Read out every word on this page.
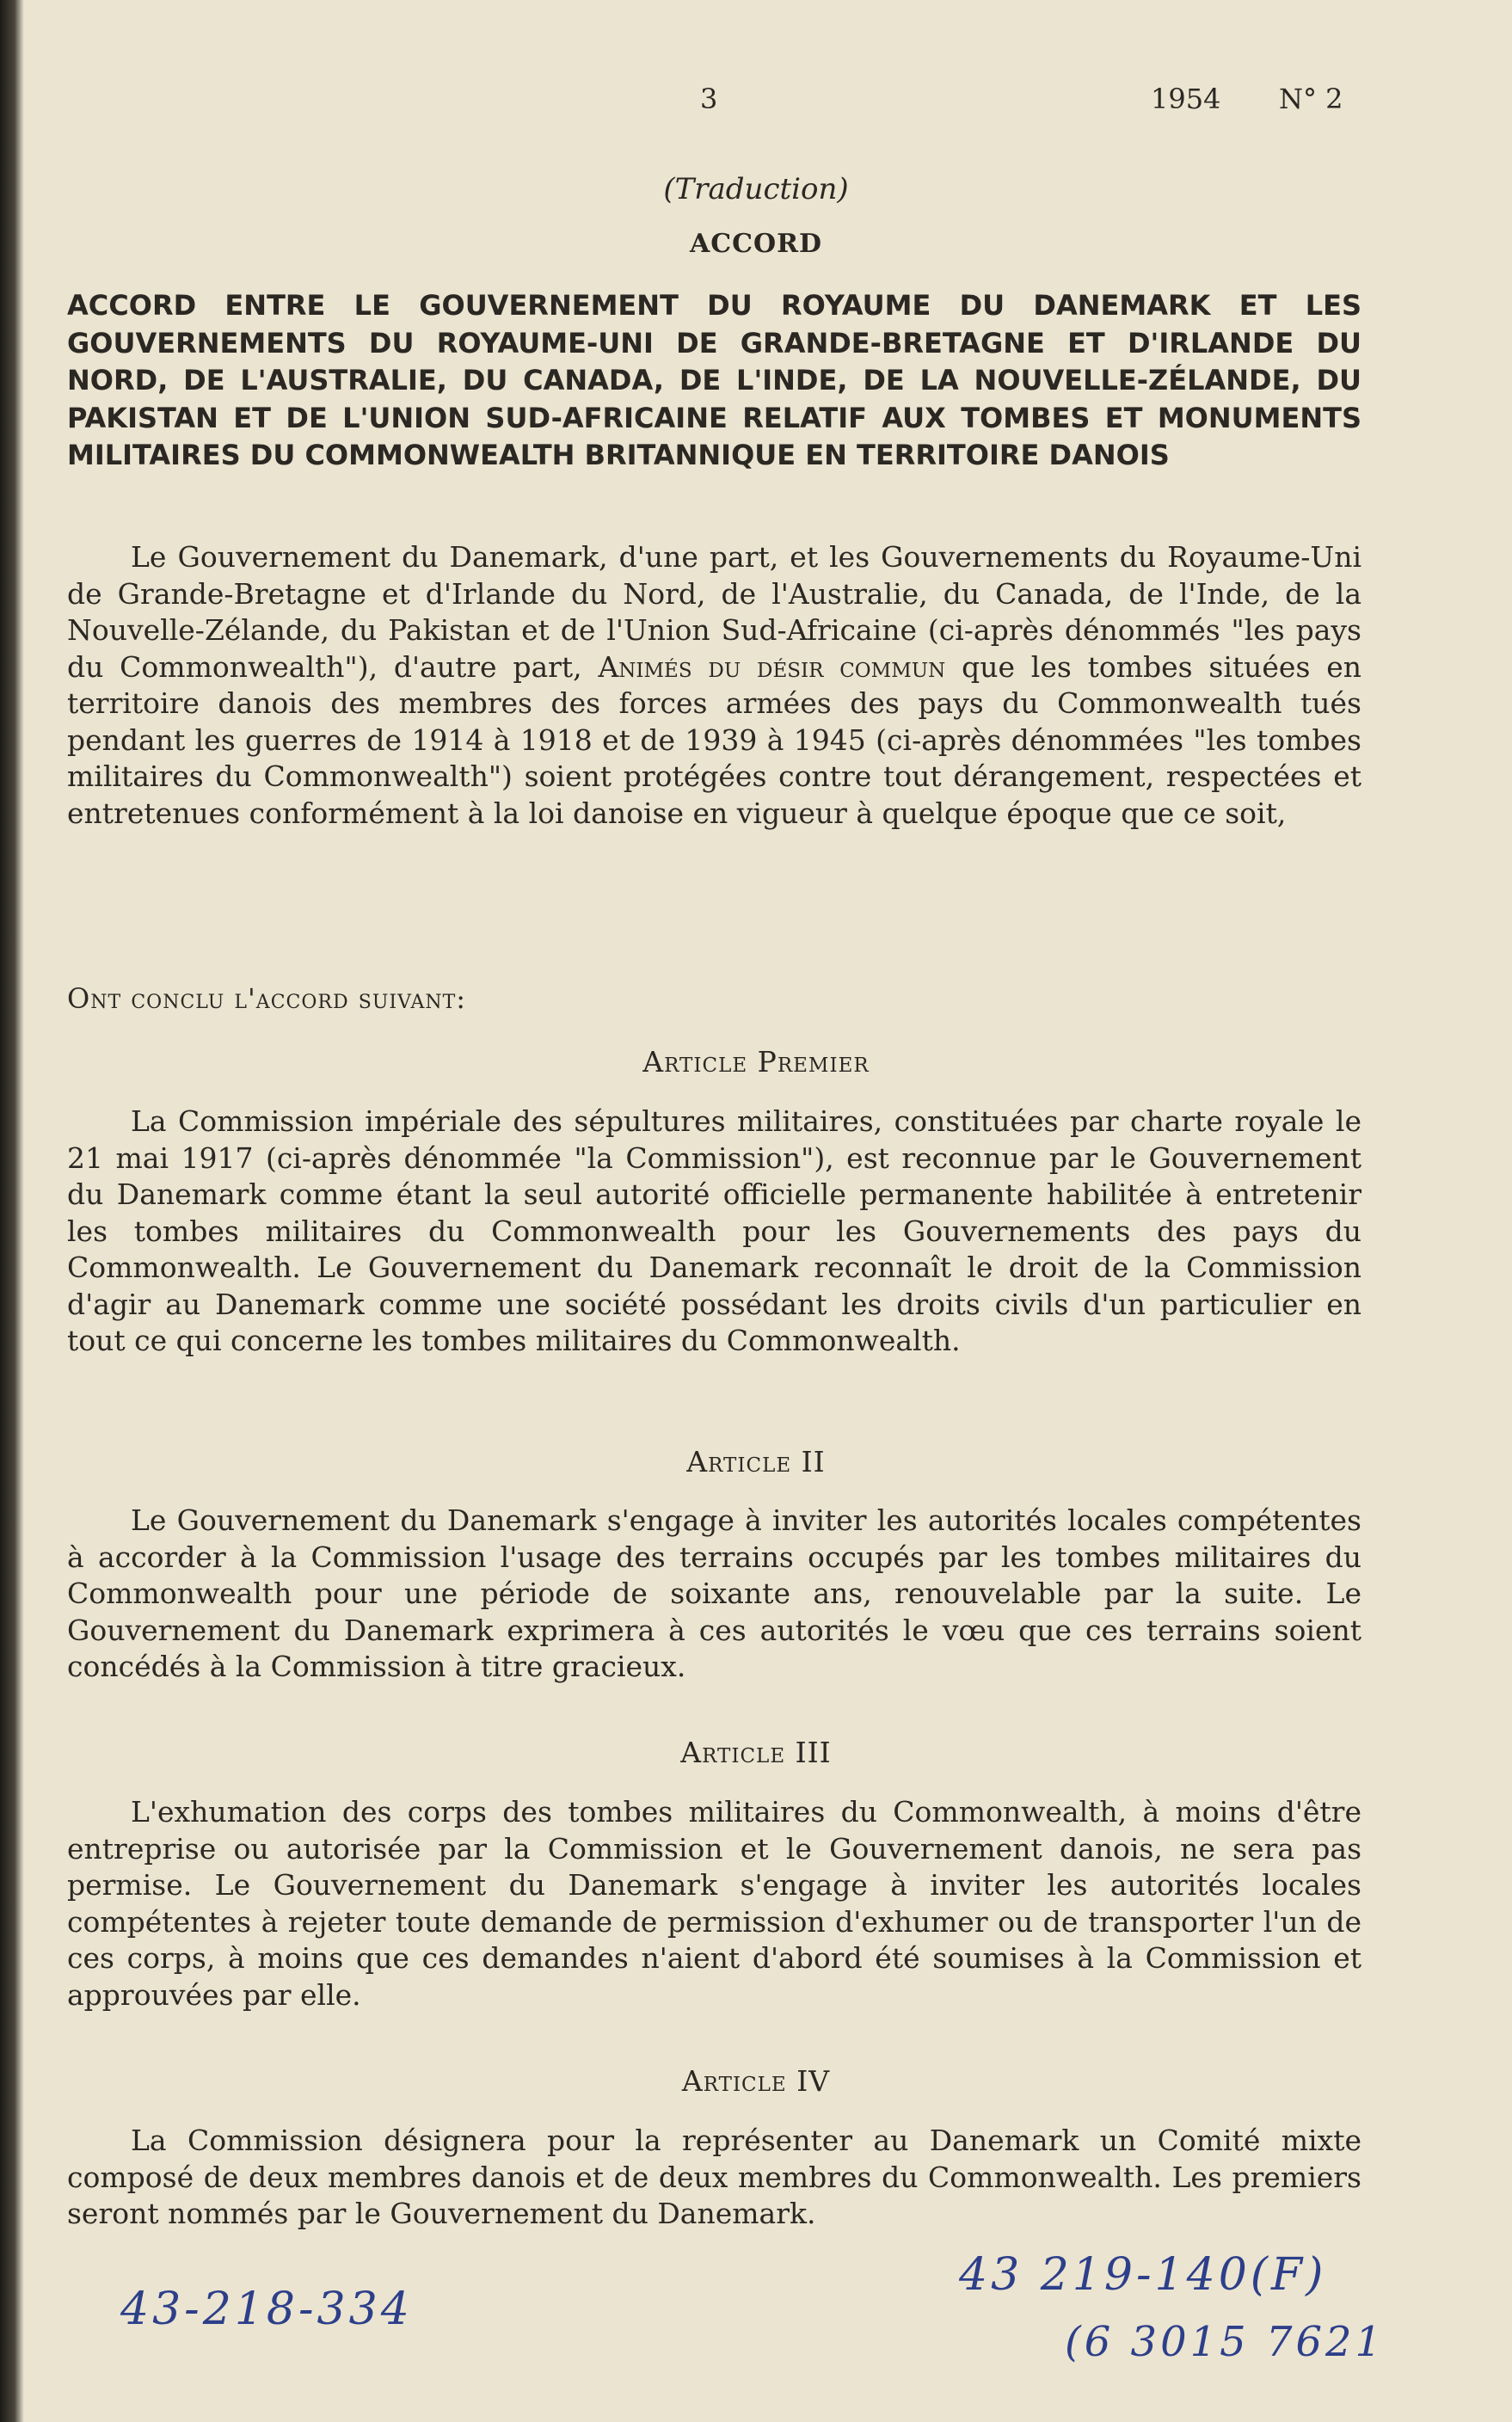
3	1954 N° 2
(Traduction)
ACCORD
ACCORD ENTRE LE GOUVERNEMENT DU ROYAUME DU DANEMARK ET LES GOUVERNEMENTS DU ROYAUME-UNI DE GRANDE-BRETAGNE ET D'IRLANDE DU NORD, DE L'AUSTRALIE, DU CANADA, DE L'INDE, DE LA NOUVELLE-ZÉLANDE, DU PAKISTAN ET DE L'UNION SUD-AFRICAINE RELATIF AUX TOMBES ET MONUMENTS MILITAIRES DU COMMONWEALTH BRITANNIQUE EN TERRITOIRE DANOIS
Le Gouvernement du Danemark, d'une part, et les Gouvernements du Royaume-Uni de Grande-Bretagne et d'Irlande du Nord, de l'Australie, du Canada, de l'Inde, de la Nouvelle-Zélande, du Pakistan et de l'Union Sud-Africaine (ci-après dénommés "les pays du Commonwealth"), d'autre part, Animés du désir commun que les tombes situées en territoire danois des membres des forces armées des pays du Commonwealth tués pendant les guerres de 1914 à 1918 et de 1939 à 1945 (ci-après dénommées "les tombes militaires du Commonwealth") soient protégées contre tout dérangement, respectées et entretenues conformément à la loi danoise en vigueur à quelque époque que ce soit,
Ont conclu l'accord suivant:
Article Premier
La Commission impériale des sépultures militaires, constituées par charte royale le 21 mai 1917 (ci-après dénommée "la Commission"), est reconnue par le Gouvernement du Danemark comme étant la seul autorité officielle permanente habilitée à entretenir les tombes militaires du Commonwealth pour les Gouvernements des pays du Commonwealth. Le Gouvernement du Danemark reconnaît le droit de la Commission d'agir au Danemark comme une société possédant les droits civils d'un particulier en tout ce qui concerne les tombes militaires du Commonwealth.
Article II
Le Gouvernement du Danemark s'engage à inviter les autorités locales compétentes à accorder à la Commission l'usage des terrains occupés par les tombes militaires du Commonwealth pour une période de soixante ans, renouvelable par la suite. Le Gouvernement du Danemark exprimera à ces autorités le vœu que ces terrains soient concédés à la Commission à titre gracieux.
Article III
L'exhumation des corps des tombes militaires du Commonwealth, à moins d'être entreprise ou autorisée par la Commission et le Gouvernement danois, ne sera pas permise. Le Gouvernement du Danemark s'engage à inviter les autorités locales compétentes à rejeter toute demande de permission d'exhumer ou de transporter l'un de ces corps, à moins que ces demandes n'aient d'abord été soumises à la Commission et approuvées par elle.
Article IV
La Commission désignera pour la représenter au Danemark un Comité mixte composé de deux membres danois et de deux membres du Commonwealth. Les premiers seront nommés par le Gouvernement du Danemark.
43-218-334
43 219-140(F)
(6 3015 7621
